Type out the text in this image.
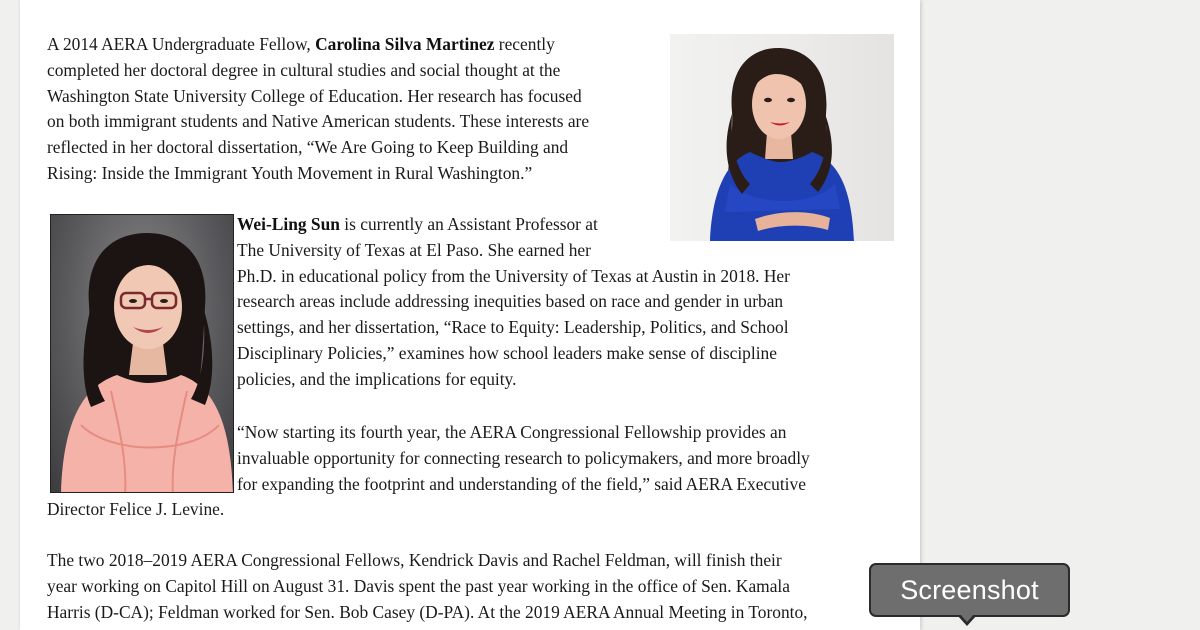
A 2014 AERA Undergraduate Fellow, Carolina Silva Martinez recently
completed her doctoral degree in cultural studies and social thought at the
Washington State University College of Education. Her research has focused
on both immigrant students and Native American students. These interests are
reflected in her doctoral dissertation, “We Are Going to Keep Building and
Rising: Inside the Immigrant Youth Movement in Rural Washington.”

Wei-Ling Sun is currently an Assistant Professor at
The University of Texas at El Paso. She earned her
Ph.D. in educational policy from the University of Texas at Austin in 2018. Her
research areas include addressing inequities based on race and gender in urban
settings, and her dissertation, “Race to Equity: Leadership, Politics, and School
Disciplinary Policies,” examines how school leaders make sense of discipline
policies, and the implications for equity.

“Now starting its fourth year, the AERA Congressional Fellowship provides an
invaluable opportunity for connecting research to policymakers, and more broadly
for expanding the footprint and understanding of the field,” said AERA Executive

Director Felice J. Levine.

The two 2018–2019 AERA Congressional Fellows, Kendrick Davis and Rachel Feldman, will finish their
year working on Capitol Hill on August 31. Davis spent the past year working in the office of Sen. Kamala
Harris (D-CA); Feldman worked for Sen. Bob Casey (D-PA). At the 2019 AERA Annual Meeting in Toronto,

Screenshot
